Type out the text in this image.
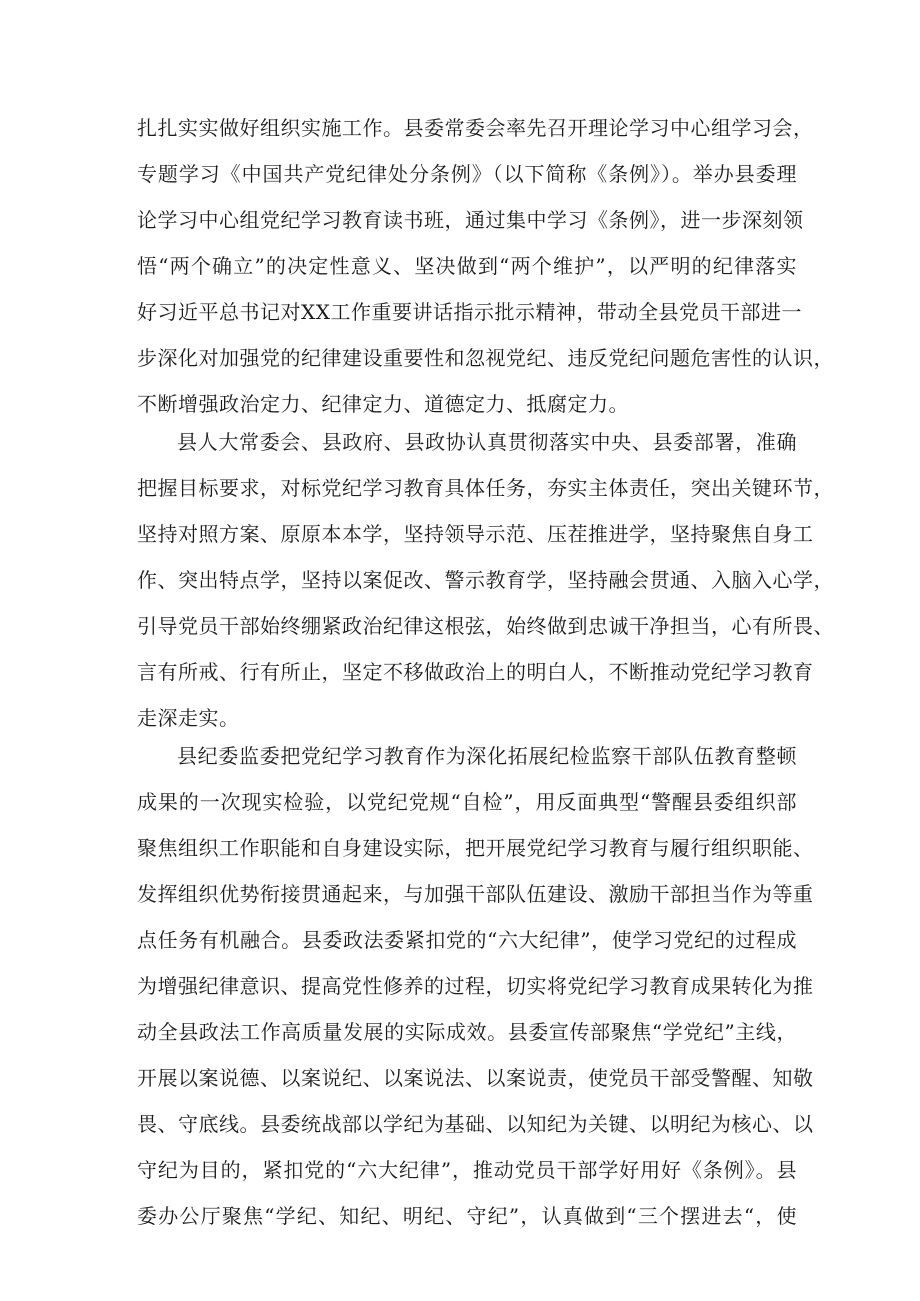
扎扎实实做好组织实施工作。县委常委会率先召开理论学习中心组学习会，
专题学习《中国共产党纪律处分条例》（以下简称《条例》）。举办县委理
论学习中心组党纪学习教育读书班，通过集中学习《条例》，进一步深刻领
悟“两个确立”的决定性意义、坚决做到“两个维护”，以严明的纪律落实
好习近平总书记对XX工作重要讲话指示批示精神，带动全县党员干部进一
步深化对加强党的纪律建设重要性和忽视党纪、违反党纪问题危害性的认识，
不断增强政治定力、纪律定力、道德定力、抵腐定力。
县人大常委会、县政府、县政协认真贯彻落实中央、县委部署，准确
把握目标要求，对标党纪学习教育具体任务，夯实主体责任，突出关键环节，
坚持对照方案、原原本本学，坚持领导示范、压茬推进学，坚持聚焦自身工
作、突出特点学，坚持以案促改、警示教育学，坚持融会贯通、入脑入心学，
引导党员干部始终绷紧政治纪律这根弦，始终做到忠诚干净担当，心有所畏、
言有所戒、行有所止，坚定不移做政治上的明白人，不断推动党纪学习教育
走深走实。
县纪委监委把党纪学习教育作为深化拓展纪检监察干部队伍教育整顿
成果的一次现实检验，以党纪党规“自检”，用反面典型“警醒县委组织部
聚焦组织工作职能和自身建设实际，把开展党纪学习教育与履行组织职能、
发挥组织优势衔接贯通起来，与加强干部队伍建设、激励干部担当作为等重
点任务有机融合。县委政法委紧扣党的“六大纪律”，使学习党纪的过程成
为增强纪律意识、提高党性修养的过程，切实将党纪学习教育成果转化为推
动全县政法工作高质量发展的实际成效。县委宣传部聚焦“学党纪”主线，
开展以案说德、以案说纪、以案说法、以案说责，使党员干部受警醒、知敬
畏、守底线。县委统战部以学纪为基础、以知纪为关键、以明纪为核心、以
守纪为目的，紧扣党的“六大纪律”，推动党员干部学好用好《条例》。县
委办公厅聚焦“学纪、知纪、明纪、守纪”，认真做到“三个摆进去“，使
